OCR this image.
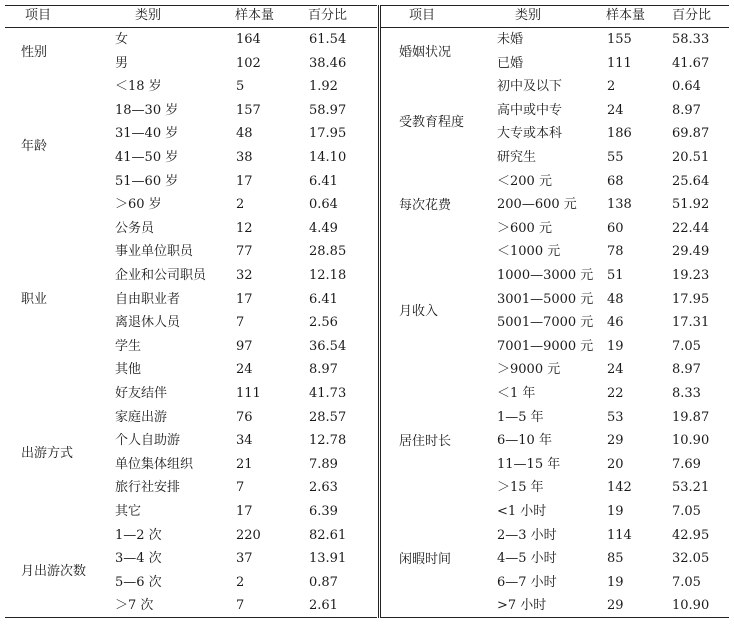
项目	类别	样本量	百分比
性别
女	164	61.54
男	102	38.46
年龄
＜18 岁	5	1.92
18—30 岁	157	58.97
31—40 岁	48	17.95
41—50 岁	38	14.10
51—60 岁	17	6.41
＞60 岁	2	0.64
职业
公务员	12	4.49
事业单位职员	77	28.85
企业和公司职员 32	12.18
自由职业者	17	6.41
离退休人员	7	2.56
学生	97	36.54
其他	24	8.97
出游方式
好友结伴	111	41.73
家庭出游	76	28.57
个人自助游	34	12.78
单位集体组织	21	7.89
旅行社安排	7	2.63
其它	17	6.39
月出游次数
1—2 次	220	82.61
3—4 次	37	13.91
5—6 次	2	0.87
＞7 次	7	2.61
项目	类别	样本量 百分比
婚姻状况
未婚	155	58.33
已婚	111	41.67
受教育程度
初中及以下	2	0.64
高中或中专	24	8.97
大专或本科	186	69.87
研究生	55	20.51
每次花费
＜200 元	68	25.64
200—600 元 138	51.92
＞600 元	60	22.44
月收入
＜1000 元	78	29.49
1000—3000 元 51	19.23
3001—5000 元 48	17.95
5001—7000 元 46	17.31
7001—9000 元 19	7.05
＞9000 元	24	8.97
居住时长
＜1 年	22	8.33
1—5 年	53	19.87
6—10 年	29	10.90
11—15 年	20	7.69
＞15 年	142	53.21
闲暇时间
<1 小时	19	7.05
2—3 小时	114	42.95
4—5 小时	85	32.05
6—7 小时	19	7.05
>7 小时	29	10.90
